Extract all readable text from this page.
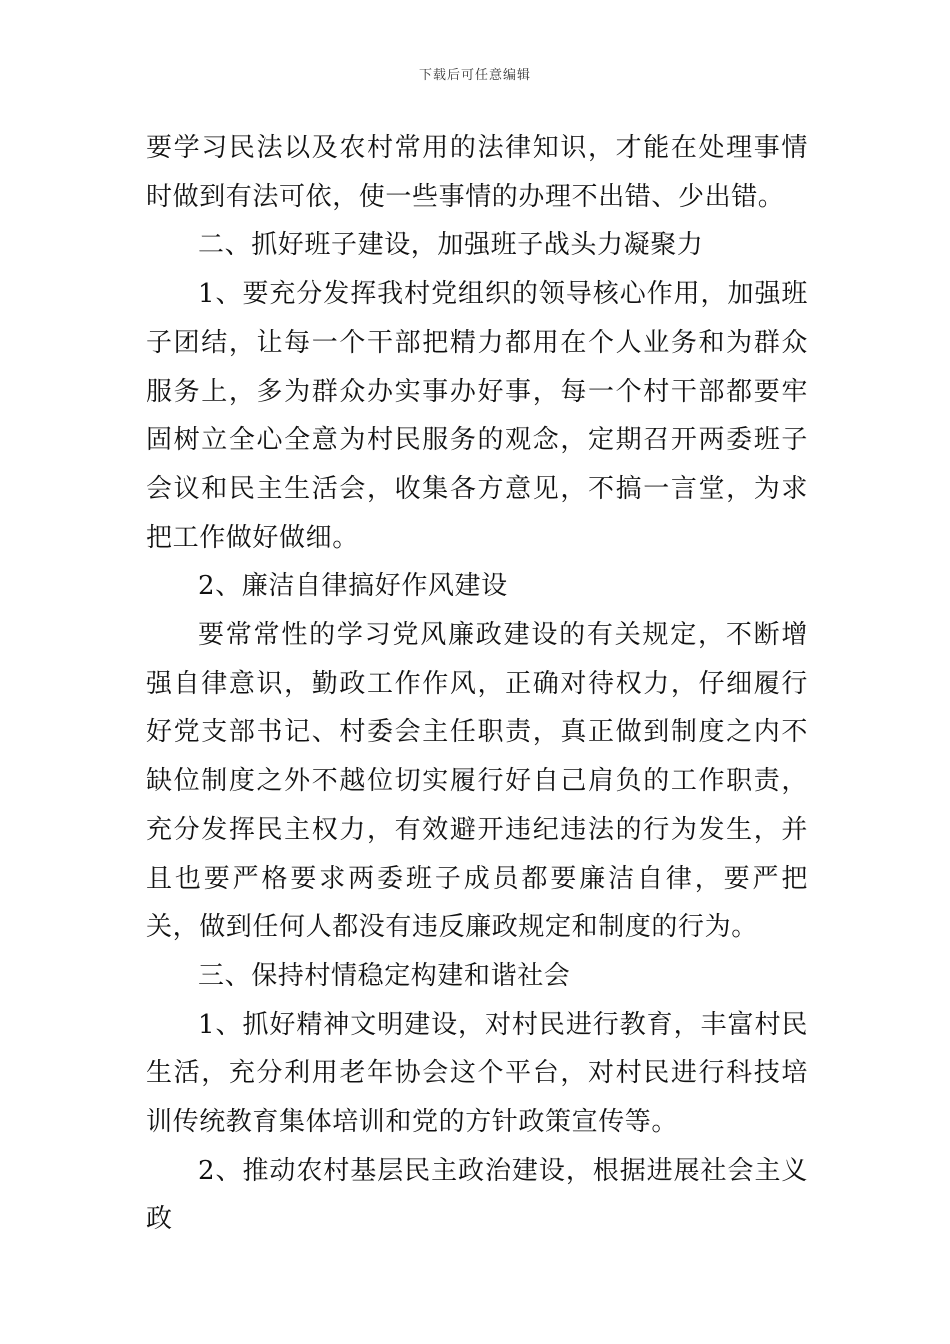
下载后可任意编辑

要学习民法以及农村常用的法律知识，才能在处理事情时做到有法可依，使一些事情的办理不出错、少出错。

二、抓好班子建设，加强班子战头力凝聚力

1、要充分发挥我村党组织的领导核心作用，加强班子团结，让每一个干部把精力都用在个人业务和为群众服务上，多为群众办实事办好事，每一个村干部都要牢固树立全心全意为村民服务的观念，定期召开两委班子会议和民主生活会，收集各方意见，不搞一言堂，为求把工作做好做细。

2、廉洁自律搞好作风建设

要常常性的学习党风廉政建设的有关规定，不断增强自律意识，勤政工作作风，正确对待权力，仔细履行好党支部书记、村委会主任职责，真正做到制度之内不缺位制度之外不越位切实履行好自己肩负的工作职责，充分发挥民主权力，有效避开违纪违法的行为发生，并且也要严格要求两委班子成员都要廉洁自律，要严把关，做到任何人都没有违反廉政规定和制度的行为。

三、保持村情稳定构建和谐社会

1、抓好精神文明建设，对村民进行教育，丰富村民生活，充分利用老年协会这个平台，对村民进行科技培训传统教育集体培训和党的方针政策宣传等。

2、推动农村基层民主政治建设，根据进展社会主义政
